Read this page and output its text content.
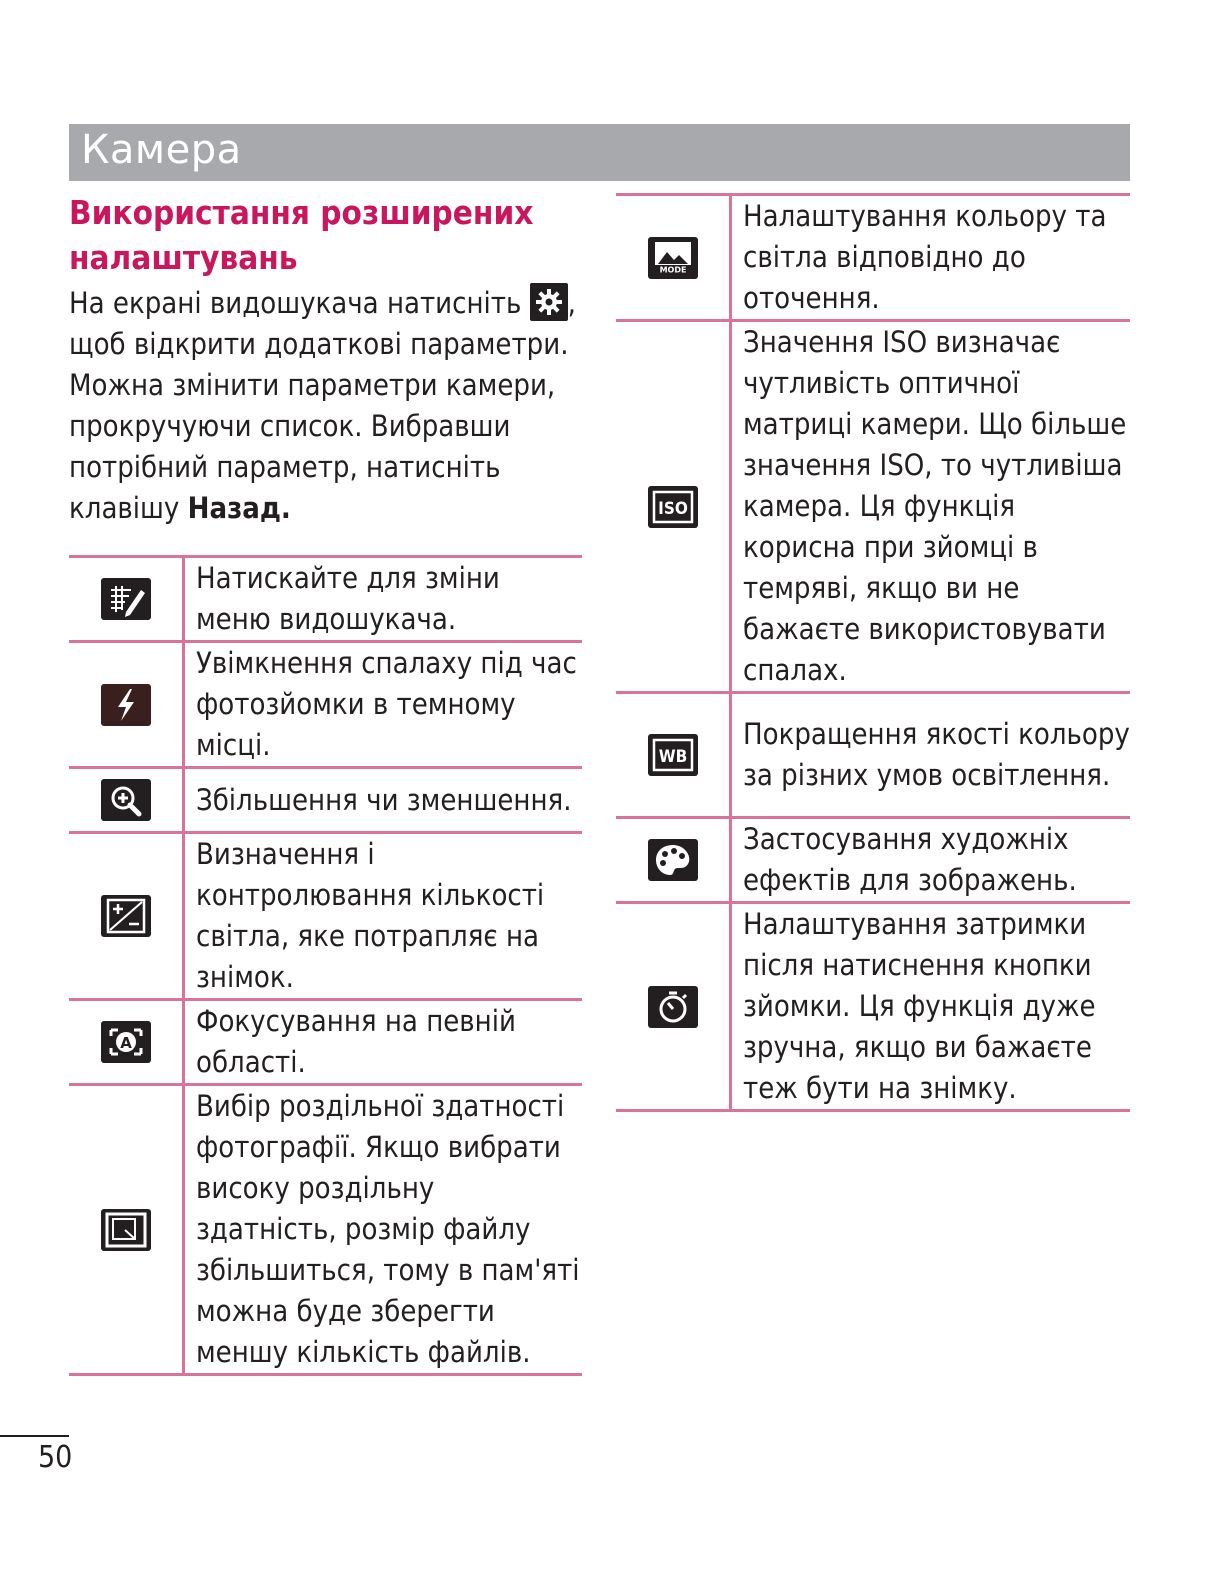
Камера
Використання розширених налаштувань
На екрані видошукача натисніть
, щоб відкрити додаткові параметри. Можна змінити параметри камери, прокручуючи список. Вибравши потрібний параметр, натисніть клавішу Назад.
	Натискайте для зміни меню видошукача.

	Увімкнення спалаху під час фотозйомки в темному місці.

	Збільшення чи зменшення.

	Визначення і контролювання кількості світла, яке потрапляє на знімок.

A	Фокусування на певній області.

	Вибір роздільної здатності фотографії. Якщо вибрати високу роздільну здатність, розмір файлу збільшиться, тому в пам'яті можна буде зберегти меншу кількість файлів.
MODE	Налаштування кольору та світла відповідно до оточення.

ISO	Значення ISO визначає чутливість оптичної матриці камери. Що більше значення ISO, то чутливіша камера. Ця функція корисна при зйомці в темряві, якщо ви не бажаєте використовувати спалах.

WB	Покращення якості кольору за різних умов освітлення.

	Застосування художніх ефектів для зображень.

	Налаштування затримки після натиснення кнопки зйомки. Ця функція дуже зручна, якщо ви бажаєте теж бути на знімку.
50
